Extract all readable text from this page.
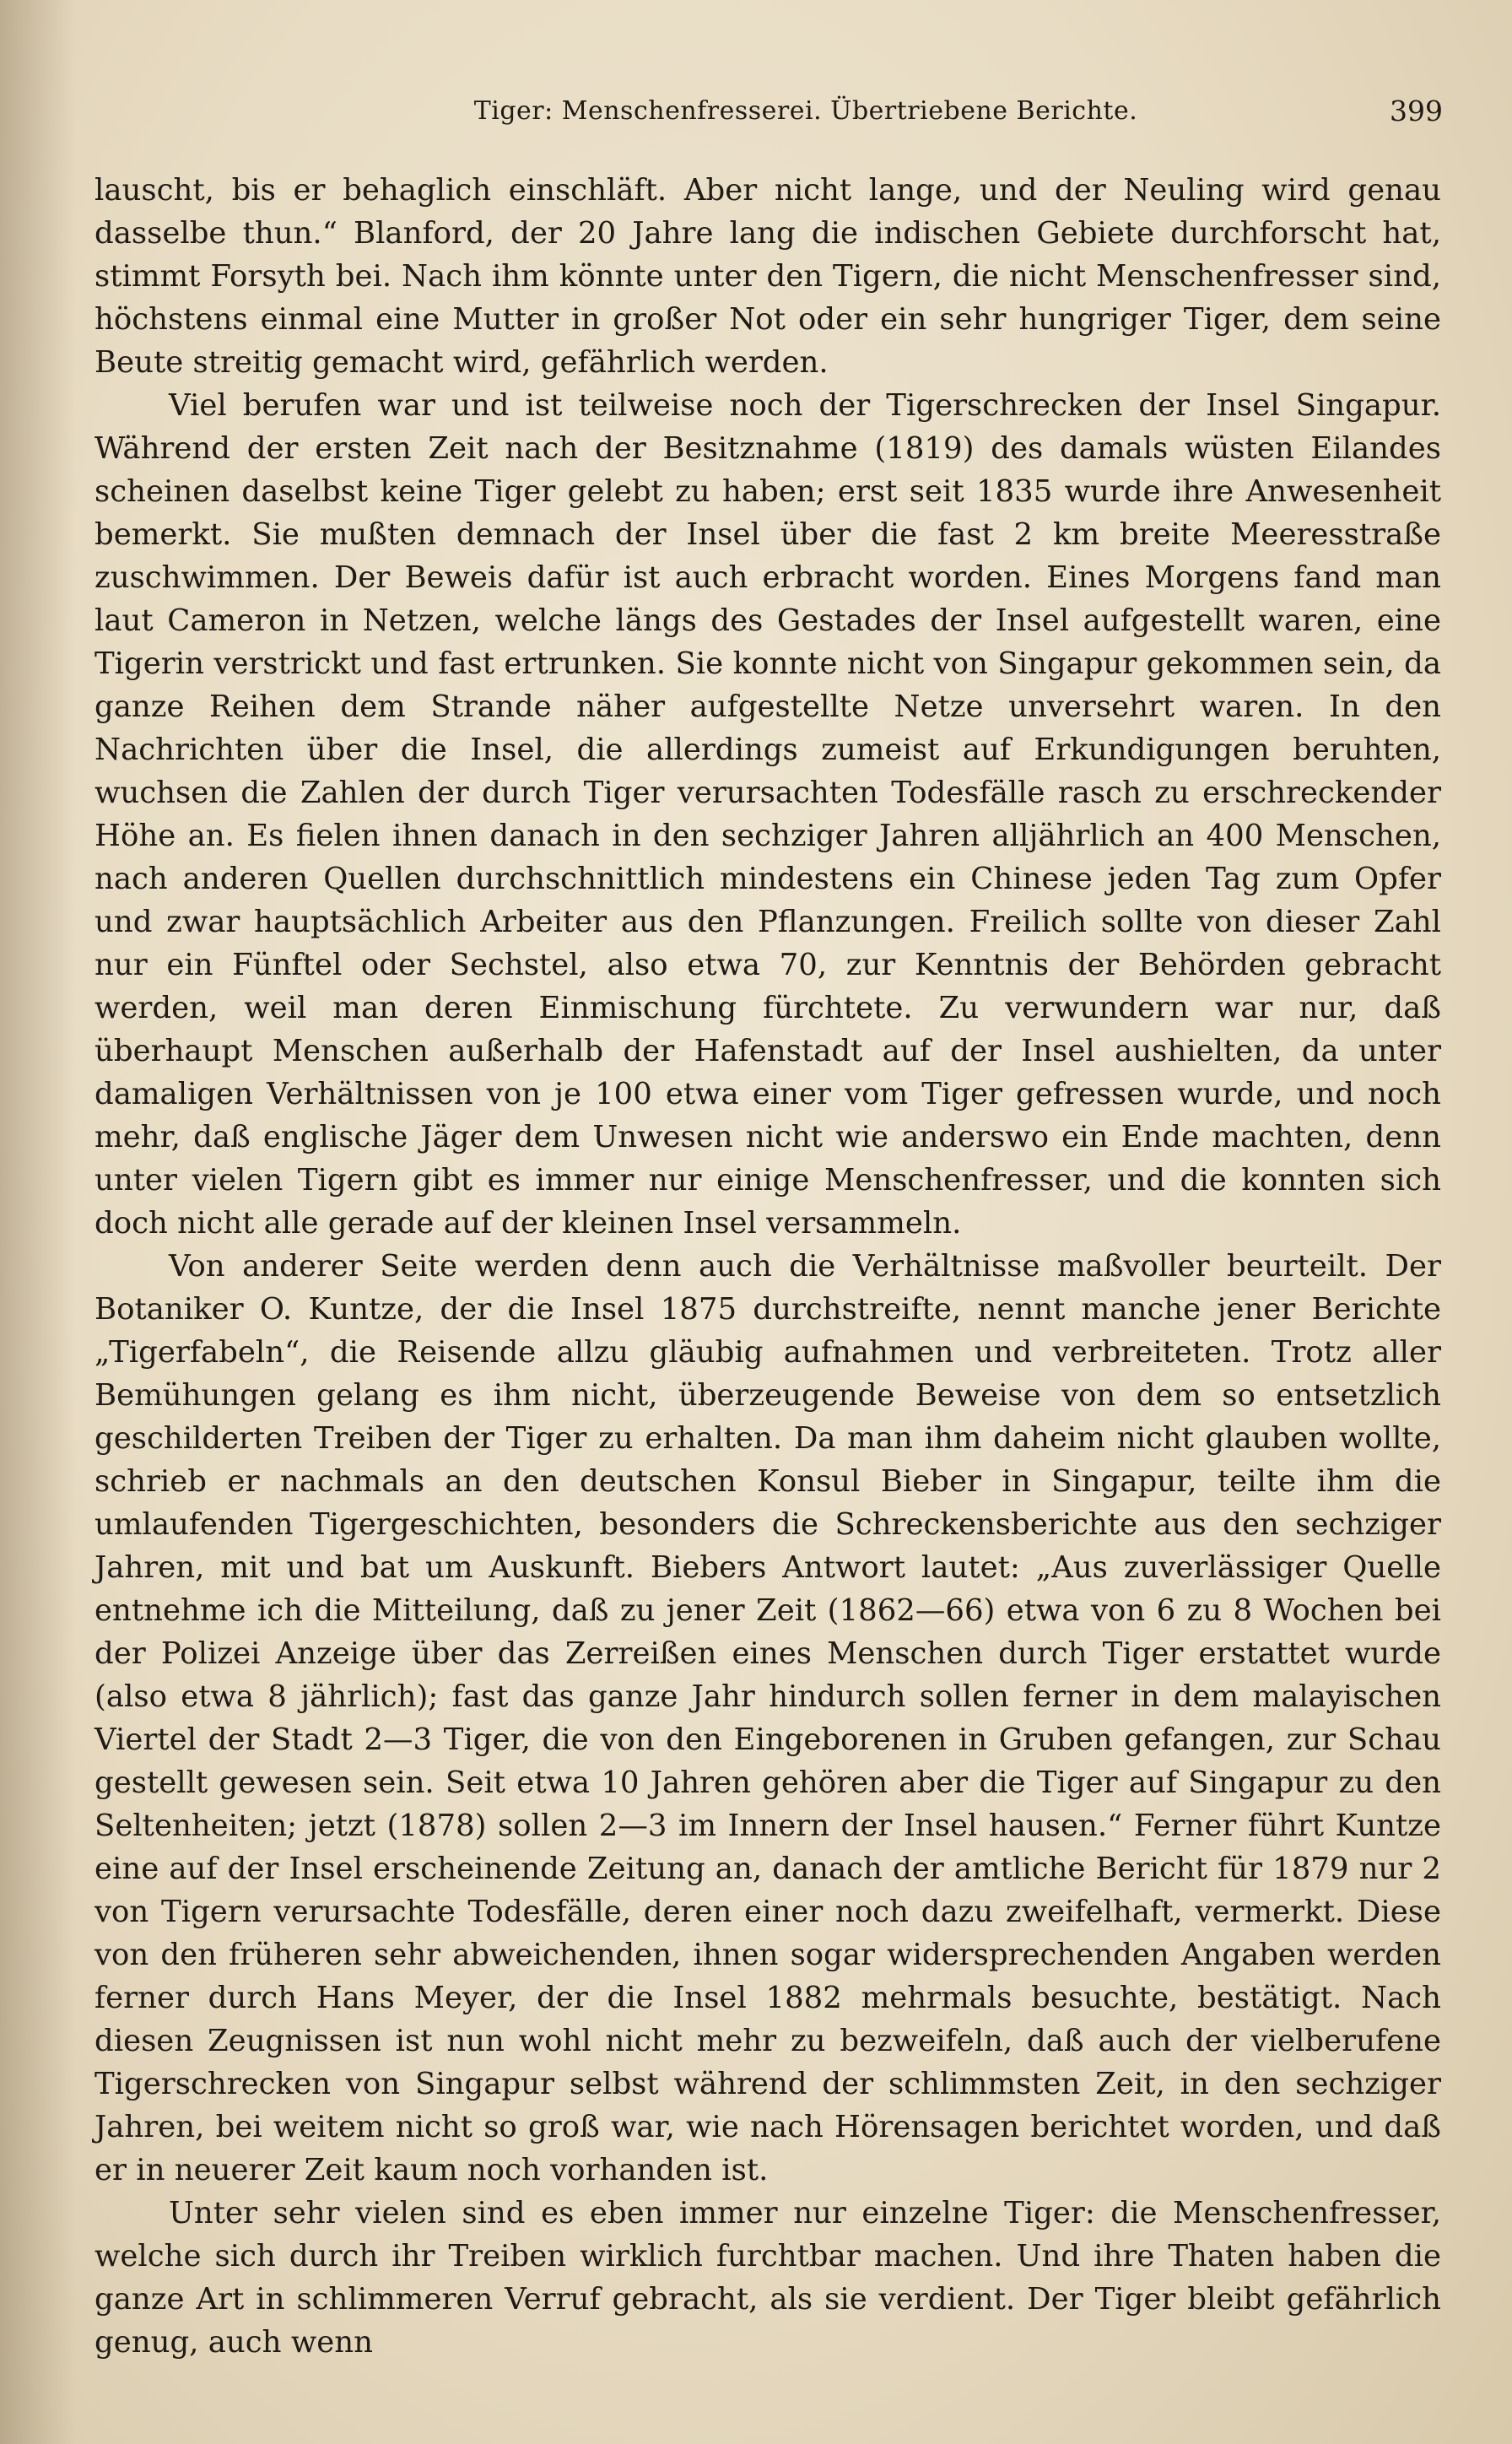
Tiger: Menschenfresserei. Übertriebene Berichte.	399

lauscht, bis er behaglich einschläft. Aber nicht lange, und der Neuling wird genau dasselbe thun.“ Blanford, der 20 Jahre lang die indischen Gebiete durchforscht hat, stimmt Forsyth bei. Nach ihm könnte unter den Tigern, die nicht Menschenfresser sind, höchstens einmal eine Mutter in großer Not oder ein sehr hungriger Tiger, dem seine Beute streitig gemacht wird, gefährlich werden.

Viel berufen war und ist teilweise noch der Tigerschrecken der Insel Singapur. Während der ersten Zeit nach der Besitznahme (1819) des damals wüsten Eilandes scheinen daselbst keine Tiger gelebt zu haben; erst seit 1835 wurde ihre Anwesenheit bemerkt. Sie mußten demnach der Insel über die fast 2 km breite Meeresstraße zuschwimmen. Der Beweis dafür ist auch erbracht worden. Eines Morgens fand man laut Cameron in Netzen, welche längs des Gestades der Insel aufgestellt waren, eine Tigerin verstrickt und fast ertrunken. Sie konnte nicht von Singapur gekommen sein, da ganze Reihen dem Strande näher aufgestellte Netze unversehrt waren. In den Nachrichten über die Insel, die allerdings zumeist auf Erkundigungen beruhten, wuchsen die Zahlen der durch Tiger verursachten Todesfälle rasch zu erschreckender Höhe an. Es fielen ihnen danach in den sechziger Jahren alljährlich an 400 Menschen, nach anderen Quellen durchschnittlich mindestens ein Chinese jeden Tag zum Opfer und zwar hauptsächlich Arbeiter aus den Pflanzungen. Freilich sollte von dieser Zahl nur ein Fünftel oder Sechstel, also etwa 70, zur Kenntnis der Behörden gebracht werden, weil man deren Einmischung fürchtete. Zu verwundern war nur, daß überhaupt Menschen außerhalb der Hafenstadt auf der Insel aushielten, da unter damaligen Verhältnissen von je 100 etwa einer vom Tiger gefressen wurde, und noch mehr, daß englische Jäger dem Unwesen nicht wie anderswo ein Ende machten, denn unter vielen Tigern gibt es immer nur einige Menschenfresser, und die konnten sich doch nicht alle gerade auf der kleinen Insel versammeln.

Von anderer Seite werden denn auch die Verhältnisse maßvoller beurteilt. Der Botaniker O. Kuntze, der die Insel 1875 durchstreifte, nennt manche jener Berichte „Tigerfabeln“, die Reisende allzu gläubig aufnahmen und verbreiteten. Trotz aller Bemühungen gelang es ihm nicht, überzeugende Beweise von dem so entsetzlich geschilderten Treiben der Tiger zu erhalten. Da man ihm daheim nicht glauben wollte, schrieb er nachmals an den deutschen Konsul Bieber in Singapur, teilte ihm die umlaufenden Tigergeschichten, besonders die Schreckensberichte aus den sechziger Jahren, mit und bat um Auskunft. Biebers Antwort lautet: „Aus zuverlässiger Quelle entnehme ich die Mitteilung, daß zu jener Zeit (1862—66) etwa von 6 zu 8 Wochen bei der Polizei Anzeige über das Zerreißen eines Menschen durch Tiger erstattet wurde (also etwa 8 jährlich); fast das ganze Jahr hindurch sollen ferner in dem malayischen Viertel der Stadt 2—3 Tiger, die von den Eingeborenen in Gruben gefangen, zur Schau gestellt gewesen sein. Seit etwa 10 Jahren gehören aber die Tiger auf Singapur zu den Seltenheiten; jetzt (1878) sollen 2—3 im Innern der Insel hausen.“ Ferner führt Kuntze eine auf der Insel erscheinende Zeitung an, danach der amtliche Bericht für 1879 nur 2 von Tigern verursachte Todesfälle, deren einer noch dazu zweifelhaft, vermerkt. Diese von den früheren sehr abweichenden, ihnen sogar widersprechenden Angaben werden ferner durch Hans Meyer, der die Insel 1882 mehrmals besuchte, bestätigt. Nach diesen Zeugnissen ist nun wohl nicht mehr zu bezweifeln, daß auch der vielberufene Tigerschrecken von Singapur selbst während der schlimmsten Zeit, in den sechziger Jahren, bei weitem nicht so groß war, wie nach Hörensagen berichtet worden, und daß er in neuerer Zeit kaum noch vorhanden ist.

Unter sehr vielen sind es eben immer nur einzelne Tiger: die Menschenfresser, welche sich durch ihr Treiben wirklich furchtbar machen. Und ihre Thaten haben die ganze Art in schlimmeren Verruf gebracht, als sie verdient. Der Tiger bleibt gefährlich genug, auch wenn
